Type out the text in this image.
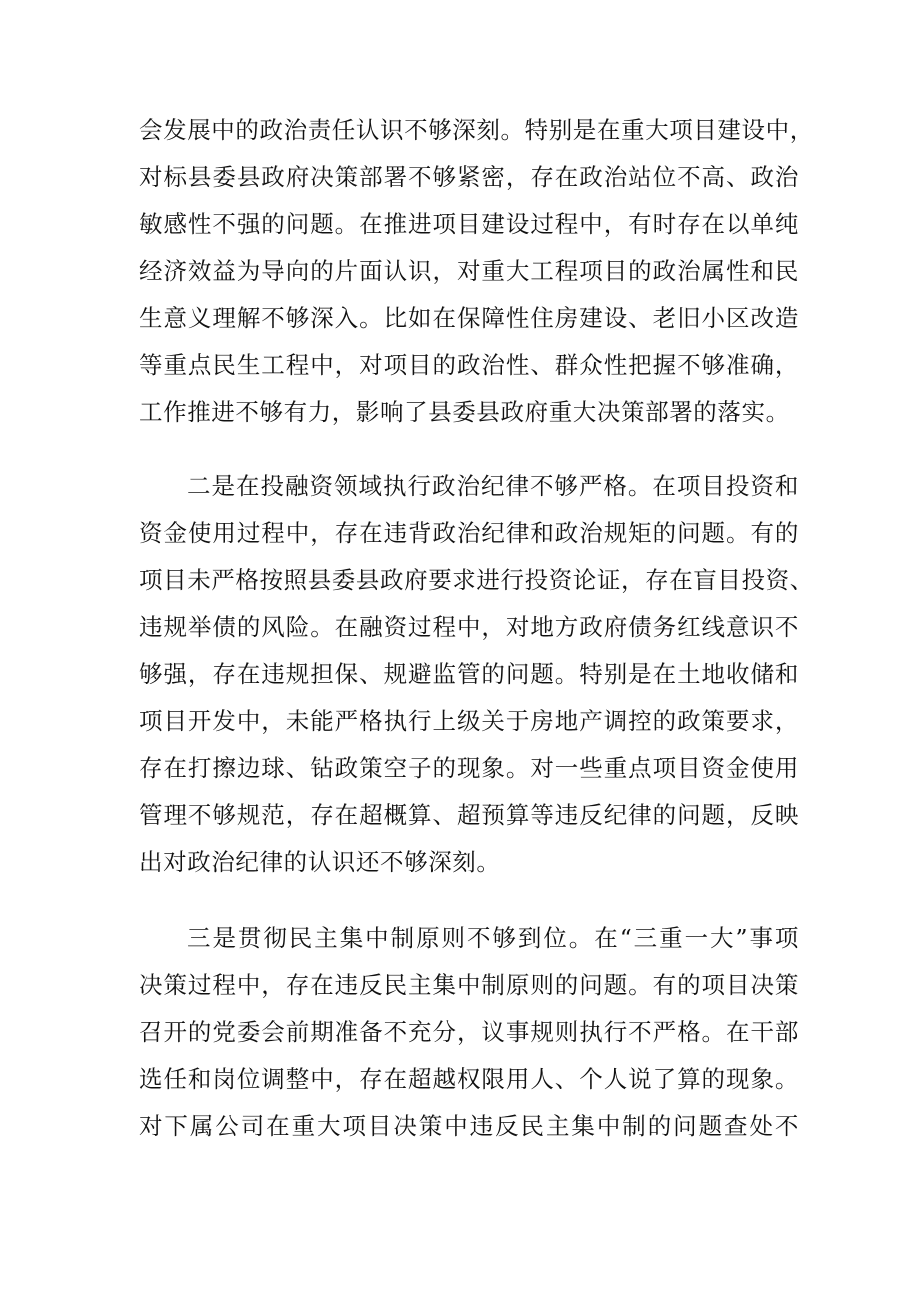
会发展中的政治责任认识不够深刻。特别是在重大项目建设中，
对标县委县政府决策部署不够紧密，存在政治站位不高、政治
敏感性不强的问题。在推进项目建设过程中，有时存在以单纯
经济效益为导向的片面认识，对重大工程项目的政治属性和民
生意义理解不够深入。比如在保障性住房建设、老旧小区改造
等重点民生工程中，对项目的政治性、群众性把握不够准确，
工作推进不够有力，影响了县委县政府重大决策部署的落实。
二是在投融资领域执行政治纪律不够严格。在项目投资和
资金使用过程中，存在违背政治纪律和政治规矩的问题。有的
项目未严格按照县委县政府要求进行投资论证，存在盲目投资、
违规举债的风险。在融资过程中，对地方政府债务红线意识不
够强，存在违规担保、规避监管的问题。特别是在土地收储和
项目开发中，未能严格执行上级关于房地产调控的政策要求，
存在打擦边球、钻政策空子的现象。对一些重点项目资金使用
管理不够规范，存在超概算、超预算等违反纪律的问题，反映
出对政治纪律的认识还不够深刻。
三是贯彻民主集中制原则不够到位。在“三重一大”事项
决策过程中，存在违反民主集中制原则的问题。有的项目决策
召开的党委会前期准备不充分，议事规则执行不严格。在干部
选任和岗位调整中，存在超越权限用人、个人说了算的现象。
对下属公司在重大项目决策中违反民主集中制的问题查处不
